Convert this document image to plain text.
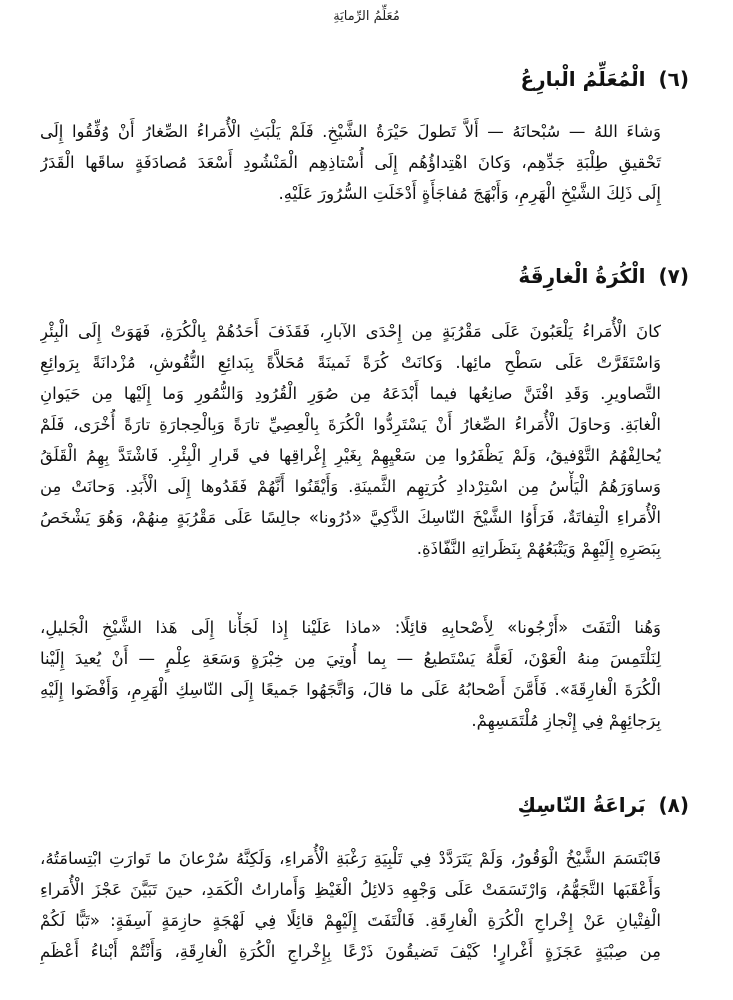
مُعَلِّمُ الرِّمايَةِ
(٦) الْمُعَلِّمُ الْبارِعُ
وَشاءَ اللهُ — سُبْحانَهُ — أَلاَّ تَطولَ حَيْرَةُ الشَّيْخِ. فَلَمْ يَلْبَثِ الْأُمَراءُ الصِّغارُ أَنْ وُفِّقُوا إِلَى
تَحْقيقِ طِلْبَةِ جَدِّهِم، وَكانَ اهْتِداؤُهُم إِلَى أُسْتاذِهِم الْمَنْشُودِ أَسْعَدَ مُصادَفَةٍ ساقَها الْقَدَرُ
إِلَى ذَلِكَ الشَّيْخِ الْهَرِمِ، وَأَبْهَجَ مُفاجَأَةٍ أَدْخَلَتِ السُّرُورَ عَلَيْهِ.
(٧) الْكُرَةُ الْغارِقَةُ
كانَ الْأُمَراءُ يَلْعَبُونَ عَلَى مَقْرُبَةٍ مِن إِحْدَى الآبارِ، فَقَذَفَ أَحَدُهُمْ بِالْكُرَةِ، فَهَوَتْ إِلَى الْبِئْرِ
وَاسْتَقَرَّتْ عَلَى سَطْحِ مائِها. وَكانَتْ كُرَةً ثَمينَةً مُحَلاَّةً بِبَدائِعِ النُّقُوشِ، مُزْدانَةً بِرَوائِعِ
التَّصاويرِ. وَقَدِ افْتَنَّ صانِعُها فيما أَبْدَعَهُ مِن صُوَرِ الْقُرُودِ وَالنُّمُورِ وَما إِلَيْها مِن حَيَوانِ
الْغابَةِ. وَحاوَلَ الْأُمَراءُ الصِّغارُ أَنْ يَسْتَرِدُّوا الْكُرَةَ بِالْعِصِيِّ تارَةً وَبِالْحِجارَةِ تارَةً أُخْرَى، فَلَمْ
يُحالِفْهُمُ التَّوْفيقُ، وَلَمْ يَظْفَرُوا مِن سَعْيِهِمْ بِغَيْرِ إِغْراقِها في قَرارِ الْبِئْرِ. فَاشْتَدَّ بِهِمُ الْقَلَقُ
وَساوَرَهُمُ الْيَأْسُ مِن اسْتِرْدادِ كُرَتِهِم الثَّمينَةِ. وَأَيْقَنُوا أَنَّهُمْ فَقَدُوها إِلَى الْأَبَدِ. وَحانَتْ مِن
الْأُمَراءِ الْتِفاتَةٌ، فَرَأَوُا الشَّيْخَ النّاسِكَ الذَّكِيَّ «دُرُونا» جالِسًا عَلَى مَقْرُبَةٍ مِنهُمْ، وَهُوَ يَشْخَصُ
بِبَصَرِهِ إِلَيْهِمْ وَيَتْبَعُهُمْ بِنَظَراتِهِ النَّفّاذَةِ.
وَهُنا الْتَفَتَ «أَرْجُونا» لِأَصْحابِهِ قائِلًا: «ماذا عَلَيْنا إِذا لَجَأْنا إِلَى هَذا الشَّيْخِ الْجَليلِ،
لِنَلْتَمِسَ مِنهُ الْعَوْنَ، لَعَلَّهُ يَسْتَطيعُ — بِما أُوتِيَ مِن خِبْرَةٍ وَسَعَةِ عِلْمٍ — أَنْ يُعيدَ إِلَيْنا
الْكُرَةَ الْغارِقَةَ». فَأَمَّنَ أَصْحابُهُ عَلَى ما قالَ، وَاتَّجَهُوا جَميعًا إِلَى النّاسِكِ الْهَرِمِ، وَأَفْضَوا إِلَيْهِ
بِرَجائِهِمْ فِي إِنْجازِ مُلْتَمَسِهِمْ.
(٨) بَراعَةُ النّاسِكِ
فَابْتَسَمَ الشَّيْخُ الْوَقُورُ، وَلَمْ يَتَرَدَّدْ فِي تَلْبِيَةِ رَغْبَةِ الْأُمَراءِ، وَلَكِنَّهُ سُرْعانَ ما تَوارَتِ ابْتِسامَتُهُ،
وَأَعْقَبَها التَّجَهُّمُ، وَارْتَسَمَتْ عَلَى وَجْهِهِ دَلائِلُ الْغَيْظِ وَأَماراتُ الْكَمَدِ، حينَ تَبَيَّنَ عَجْزَ الْأُمَراءِ
الْفِتْيانِ عَنْ إِخْراجِ الْكُرَةِ الْغارِقَةِ. فَالْتَفَتَ إِلَيْهِمْ قائِلًا فِي لَهْجَةٍ حازِمَةٍ آسِفَةٍ: «تَبًّا لَكُمْ
مِن صِبْيَةٍ عَجَزَةٍ أَغْرارٍ! كَيْفَ تَضيقُونَ ذَرْعًا بِإِخْراجِ الْكُرَةِ الْغارِقَةِ، وَأَنْتُمْ أَبْناءُ أَعْظَمِ
